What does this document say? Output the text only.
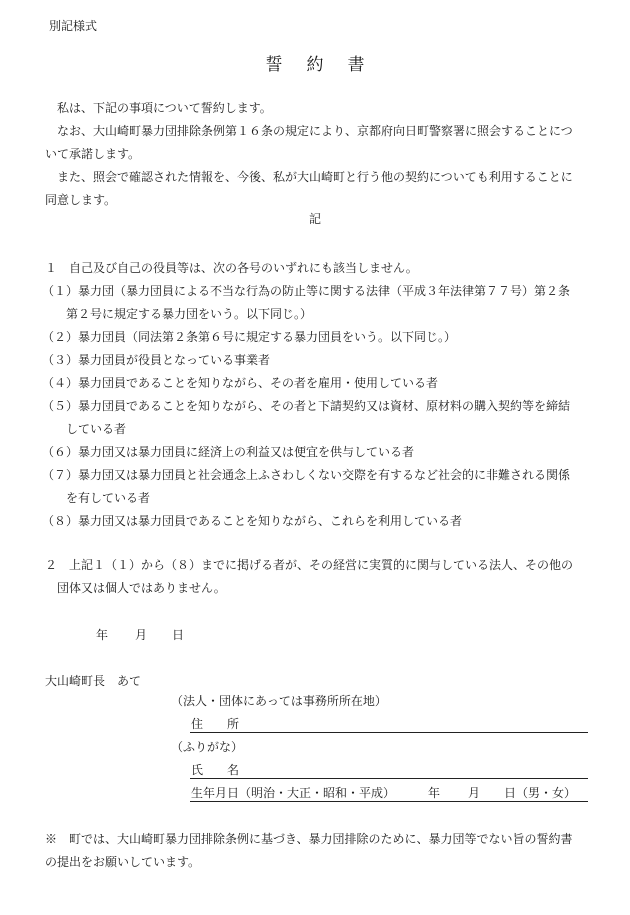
別記様式
誓約書
　私は、下記の事項について誓約します。
　なお、大山崎町暴力団排除条例第１６条の規定により、京都府向日町警察署に照会することにつ
いて承諾します。
　また、照会で確認された情報を、今後、私が大山崎町と行う他の契約についても利用することに
同意します。
記
１　自己及び自己の役員等は、次の各号のいずれにも該当しません。
（１）暴力団（暴力団員による不当な行為の防止等に関する法律（平成３年法律第７７号）第２条
　　第２号に規定する暴力団をいう。以下同じ。）
（２）暴力団員（同法第２条第６号に規定する暴力団員をいう。以下同じ。）
（３）暴力団員が役員となっている事業者
（４）暴力団員であることを知りながら、その者を雇用・使用している者
（５）暴力団員であることを知りながら、その者と下請契約又は資材、原材料の購入契約等を締結
　　している者
（６）暴力団又は暴力団員に経済上の利益又は便宜を供与している者
（７）暴力団又は暴力団員と社会通念上ふさわしくない交際を有するなど社会的に非難される関係
　　を有している者
（８）暴力団又は暴力団員であることを知りながら、これらを利用している者
２　上記１（１）から（８）までに掲げる者が、その経営に実質的に関与している法人、その他の
　団体又は個人ではありません。
年 月 日
大山崎町長　あて
（法人・団体にあっては事務所所在地）
住　　所
（ふりがな）
氏　　名
生年月日（明治・大正・昭和・平成）	年 月 日（男・女）
※　町では、大山崎町暴力団排除条例に基づき、暴力団排除のために、暴力団等でない旨の誓約書
の提出をお願いしています。
